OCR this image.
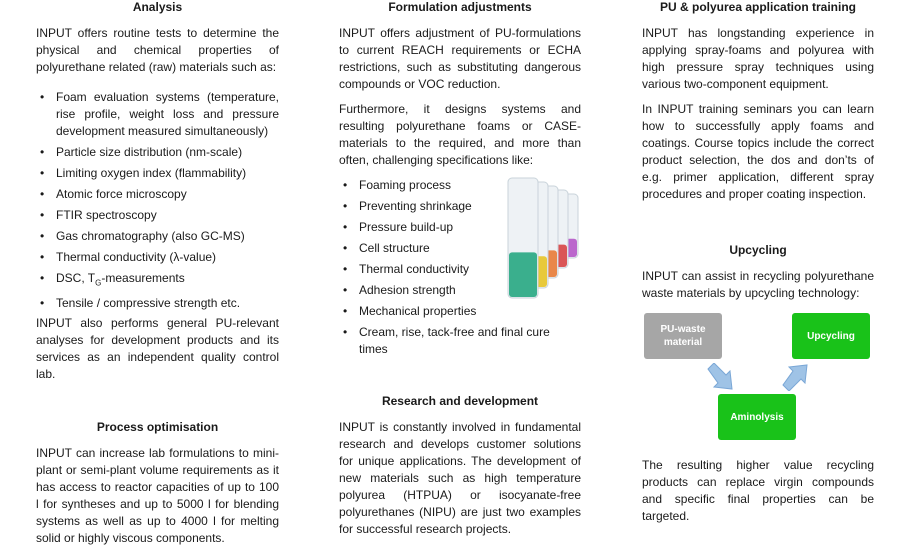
Analysis

INPUT offers routine tests to determine the physical and chemical properties of polyurethane related (raw) materials such as:

• Foam evaluation systems (temperature, rise profile, weight loss and pressure development measured simultaneously)
• Particle size distribution (nm-scale)
• Limiting oxygen index (flammability)
• Atomic force microscopy
• FTIR spectroscopy
• Gas chromatography (also GC-MS)
• Thermal conductivity (λ-value)
• DSC, $T_G$-measurements
• Tensile / compressive strength etc.

INPUT also performs general PU-relevant analyses for development products and its services as an independent quality control lab.

Process optimisation

INPUT can increase lab formulations to mini-plant or semi-plant volume requirements as it has access to reactor capacities of up to 100 l for syntheses and up to 5000 l for blending systems as well as up to 4000 l for melting solid or highly viscous components.

Formulation adjustments

INPUT offers adjustment of PU-formulations to current REACH requirements or ECHA restrictions, such as substituting dangerous compounds or VOC reduction.

Furthermore, it designs systems and resulting polyurethane foams or CASE-materials to the required, and more than often, challenging specifications like:

• Foaming process
• Preventing shrinkage
• Pressure build-up
• Cell structure
• Thermal conductivity
• Adhesion strength
• Mechanical properties
• Cream, rise, tack-free and final cure times

Research and development

INPUT is constantly involved in fundamental research and develops customer solutions for unique applications. The development of new materials such as high temperature polyurea (HTPUA) or isocyanate-free polyurethanes (NIPU) are just two examples for successful research projects.

PU & polyurea application training

INPUT has longstanding experience in applying spray-foams and polyurea with high pressure spray techniques using various two-component equipment.

In INPUT training seminars you can learn how to successfully apply foams and coatings. Course topics include the correct product selection, the dos and don’ts of e.g. primer application, different spray procedures and proper coating inspection.

Upcycling

INPUT can assist in recycling polyurethane waste materials by upcycling technology:

PU-waste material
Upcycling
Aminolysis

The resulting higher value recycling products can replace virgin compounds and specific final properties can be targeted.
